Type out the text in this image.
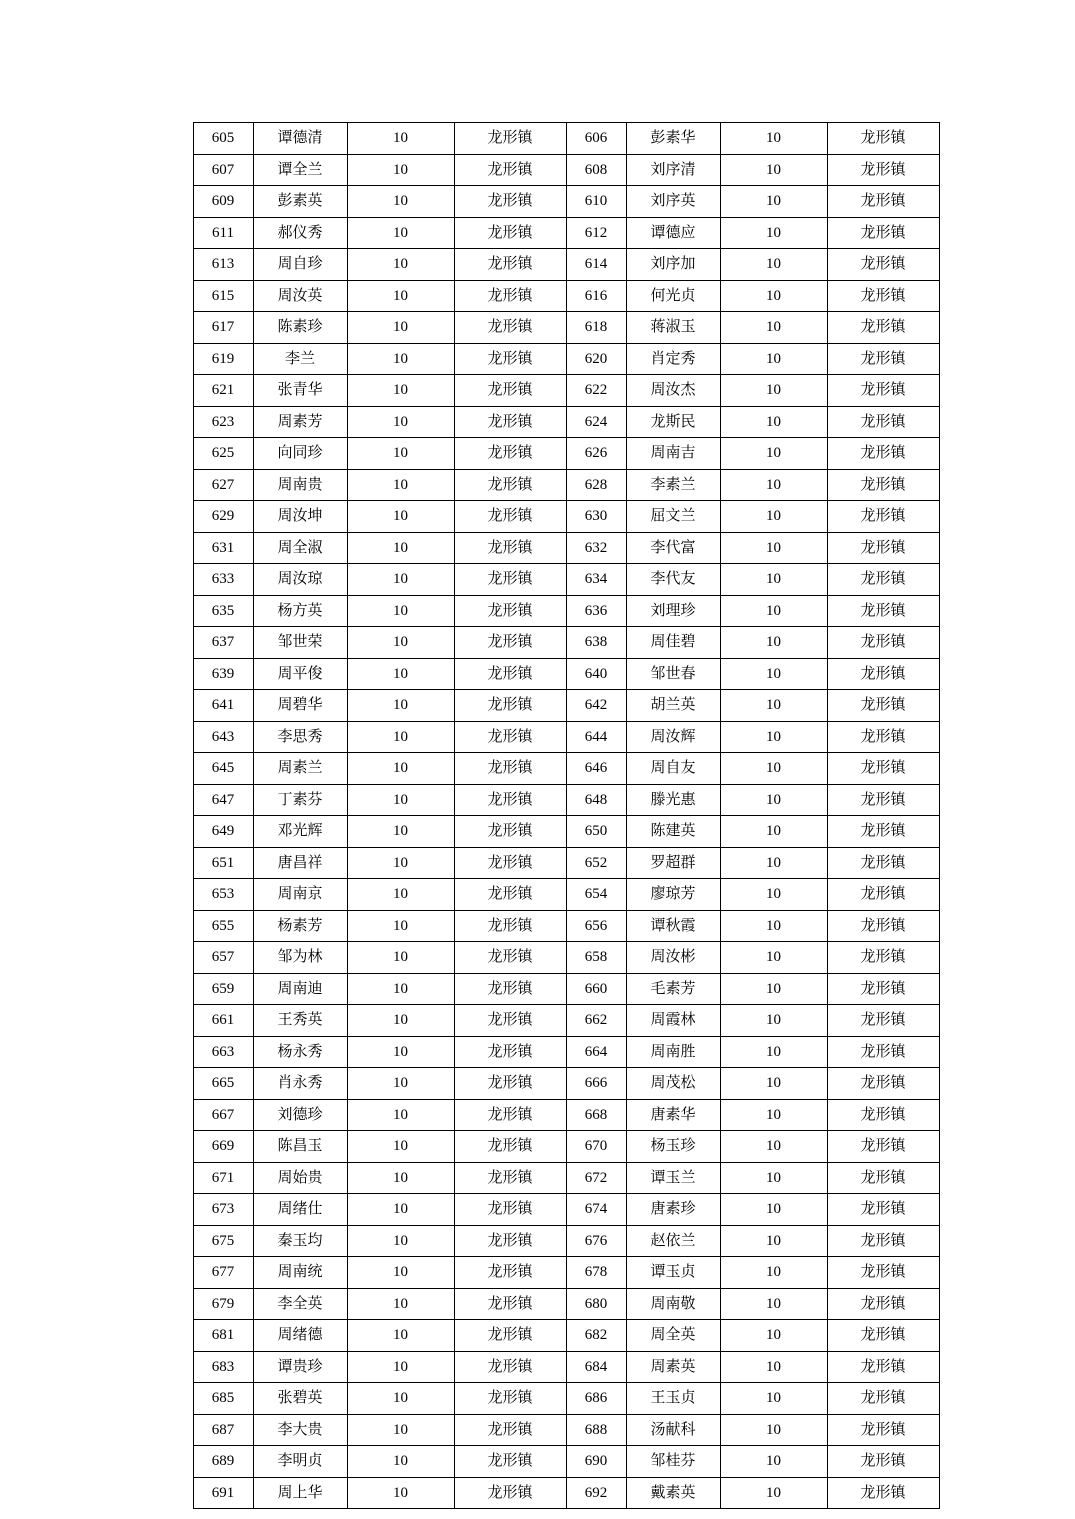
605	谭德清	10	龙形镇	606	彭素华	10	龙形镇
607	谭全兰	10	龙形镇	608	刘序清	10	龙形镇
609	彭素英	10	龙形镇	610	刘序英	10	龙形镇
611	郝仪秀	10	龙形镇	612	谭德应	10	龙形镇
613	周自珍	10	龙形镇	614	刘序加	10	龙形镇
615	周汝英	10	龙形镇	616	何光贞	10	龙形镇
617	陈素珍	10	龙形镇	618	蒋淑玉	10	龙形镇
619	李兰	10	龙形镇	620	肖定秀	10	龙形镇
621	张青华	10	龙形镇	622	周汝杰	10	龙形镇
623	周素芳	10	龙形镇	624	龙斯民	10	龙形镇
625	向同珍	10	龙形镇	626	周南吉	10	龙形镇
627	周南贵	10	龙形镇	628	李素兰	10	龙形镇
629	周汝坤	10	龙形镇	630	屈文兰	10	龙形镇
631	周全淑	10	龙形镇	632	李代富	10	龙形镇
633	周汝琼	10	龙形镇	634	李代友	10	龙形镇
635	杨方英	10	龙形镇	636	刘理珍	10	龙形镇
637	邹世荣	10	龙形镇	638	周佳碧	10	龙形镇
639	周平俊	10	龙形镇	640	邹世春	10	龙形镇
641	周碧华	10	龙形镇	642	胡兰英	10	龙形镇
643	李思秀	10	龙形镇	644	周汝辉	10	龙形镇
645	周素兰	10	龙形镇	646	周自友	10	龙形镇
647	丁素芬	10	龙形镇	648	滕光惠	10	龙形镇
649	邓光辉	10	龙形镇	650	陈建英	10	龙形镇
651	唐昌祥	10	龙形镇	652	罗超群	10	龙形镇
653	周南京	10	龙形镇	654	廖琼芳	10	龙形镇
655	杨素芳	10	龙形镇	656	谭秋霞	10	龙形镇
657	邹为林	10	龙形镇	658	周汝彬	10	龙形镇
659	周南迪	10	龙形镇	660	毛素芳	10	龙形镇
661	王秀英	10	龙形镇	662	周霞林	10	龙形镇
663	杨永秀	10	龙形镇	664	周南胜	10	龙形镇
665	肖永秀	10	龙形镇	666	周茂松	10	龙形镇
667	刘德珍	10	龙形镇	668	唐素华	10	龙形镇
669	陈昌玉	10	龙形镇	670	杨玉珍	10	龙形镇
671	周始贵	10	龙形镇	672	谭玉兰	10	龙形镇
673	周绪仕	10	龙形镇	674	唐素珍	10	龙形镇
675	秦玉均	10	龙形镇	676	赵依兰	10	龙形镇
677	周南统	10	龙形镇	678	谭玉贞	10	龙形镇
679	李全英	10	龙形镇	680	周南敬	10	龙形镇
681	周绪德	10	龙形镇	682	周全英	10	龙形镇
683	谭贵珍	10	龙形镇	684	周素英	10	龙形镇
685	张碧英	10	龙形镇	686	王玉贞	10	龙形镇
687	李大贵	10	龙形镇	688	汤献科	10	龙形镇
689	李明贞	10	龙形镇	690	邹桂芬	10	龙形镇
691	周上华	10	龙形镇	692	戴素英	10	龙形镇
